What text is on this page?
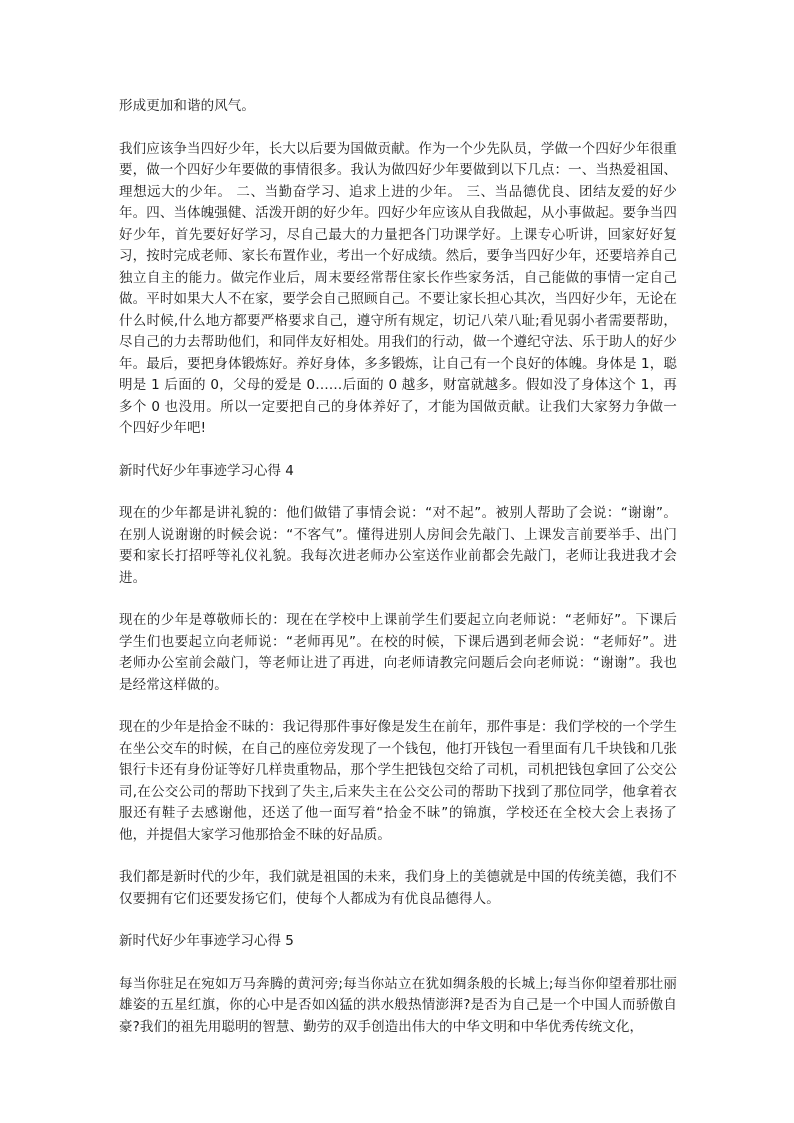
形成更加和谐的风气。

我们应该争当四好少年，长大以后要为国做贡献。作为一个少先队员，学做一个四好少年很重要，做一个四好少年要做的事情很多。我认为做四好少年要做到以下几点：一、当热爱祖国、理想远大的少年。 二、当勤奋学习、追求上进的少年。 三、当品德优良、团结友爱的好少年。四、当体魄强健、活泼开朗的好少年。四好少年应该从自我做起，从小事做起。要争当四好少年，首先要好好学习，尽自己最大的力量把各门功课学好。上课专心听讲，回家好好复习，按时完成老师、家长布置作业，考出一个好成绩。然后，要争当四好少年，还要培养自己独立自主的能力。做完作业后，周末要经常帮住家长作些家务活，自己能做的事情一定自己做。平时如果大人不在家，要学会自己照顾自己。不要让家长担心其次，当四好少年，无论在什么时候,什么地方都要严格要求自己，遵守所有规定，切记八荣八耻;看见弱小者需要帮助，尽自己的力去帮助他们，和同伴友好相处。用我们的行动，做一个遵纪守法、乐于助人的好少年。最后，要把身体锻炼好。养好身体，多多锻炼，让自己有一个良好的体魄。身体是 1，聪明是 1 后面的 0，父母的爱是 0……后面的 0 越多，财富就越多。假如没了身体这个 1，再多个 0 也没用。所以一定要把自己的身体养好了，才能为国做贡献。让我们大家努力争做一个四好少年吧!

新时代好少年事迹学习心得 4

现在的少年都是讲礼貌的：他们做错了事情会说：“对不起”。被别人帮助了会说：“谢谢”。在别人说谢谢的时候会说：“不客气”。懂得进别人房间会先敲门、上课发言前要举手、出门要和家长打招呼等礼仪礼貌。我每次进老师办公室送作业前都会先敲门，老师让我进我才会进。

现在的少年是尊敬师长的：现在在学校中上课前学生们要起立向老师说：“老师好”。下课后学生们也要起立向老师说：“老师再见”。在校的时候，下课后遇到老师会说：“老师好”。进老师办公室前会敲门，等老师让进了再进，向老师请教完问题后会向老师说：“谢谢”。我也是经常这样做的。

现在的少年是拾金不昧的：我记得那件事好像是发生在前年，那件事是：我们学校的一个学生在坐公交车的时候，在自己的座位旁发现了一个钱包，他打开钱包一看里面有几千块钱和几张银行卡还有身份证等好几样贵重物品，那个学生把钱包交给了司机，司机把钱包拿回了公交公司,在公交公司的帮助下找到了失主,后来失主在公交公司的帮助下找到了那位同学，他拿着衣服还有鞋子去感谢他，还送了他一面写着“拾金不昧”的锦旗，学校还在全校大会上表扬了他，并提倡大家学习他那拾金不昧的好品质。

我们都是新时代的少年，我们就是祖国的未来，我们身上的美德就是中国的传统美德，我们不仅要拥有它们还要发扬它们，使每个人都成为有优良品德得人。

新时代好少年事迹学习心得 5

每当你驻足在宛如万马奔腾的黄河旁;每当你站立在犹如绸条般的长城上;每当你仰望着那壮丽雄姿的五星红旗，你的心中是否如凶猛的洪水般热情澎湃?是否为自己是一个中国人而骄傲自豪?我们的祖先用聪明的智慧、勤劳的双手创造出伟大的中华文明和中华优秀传统文化，
